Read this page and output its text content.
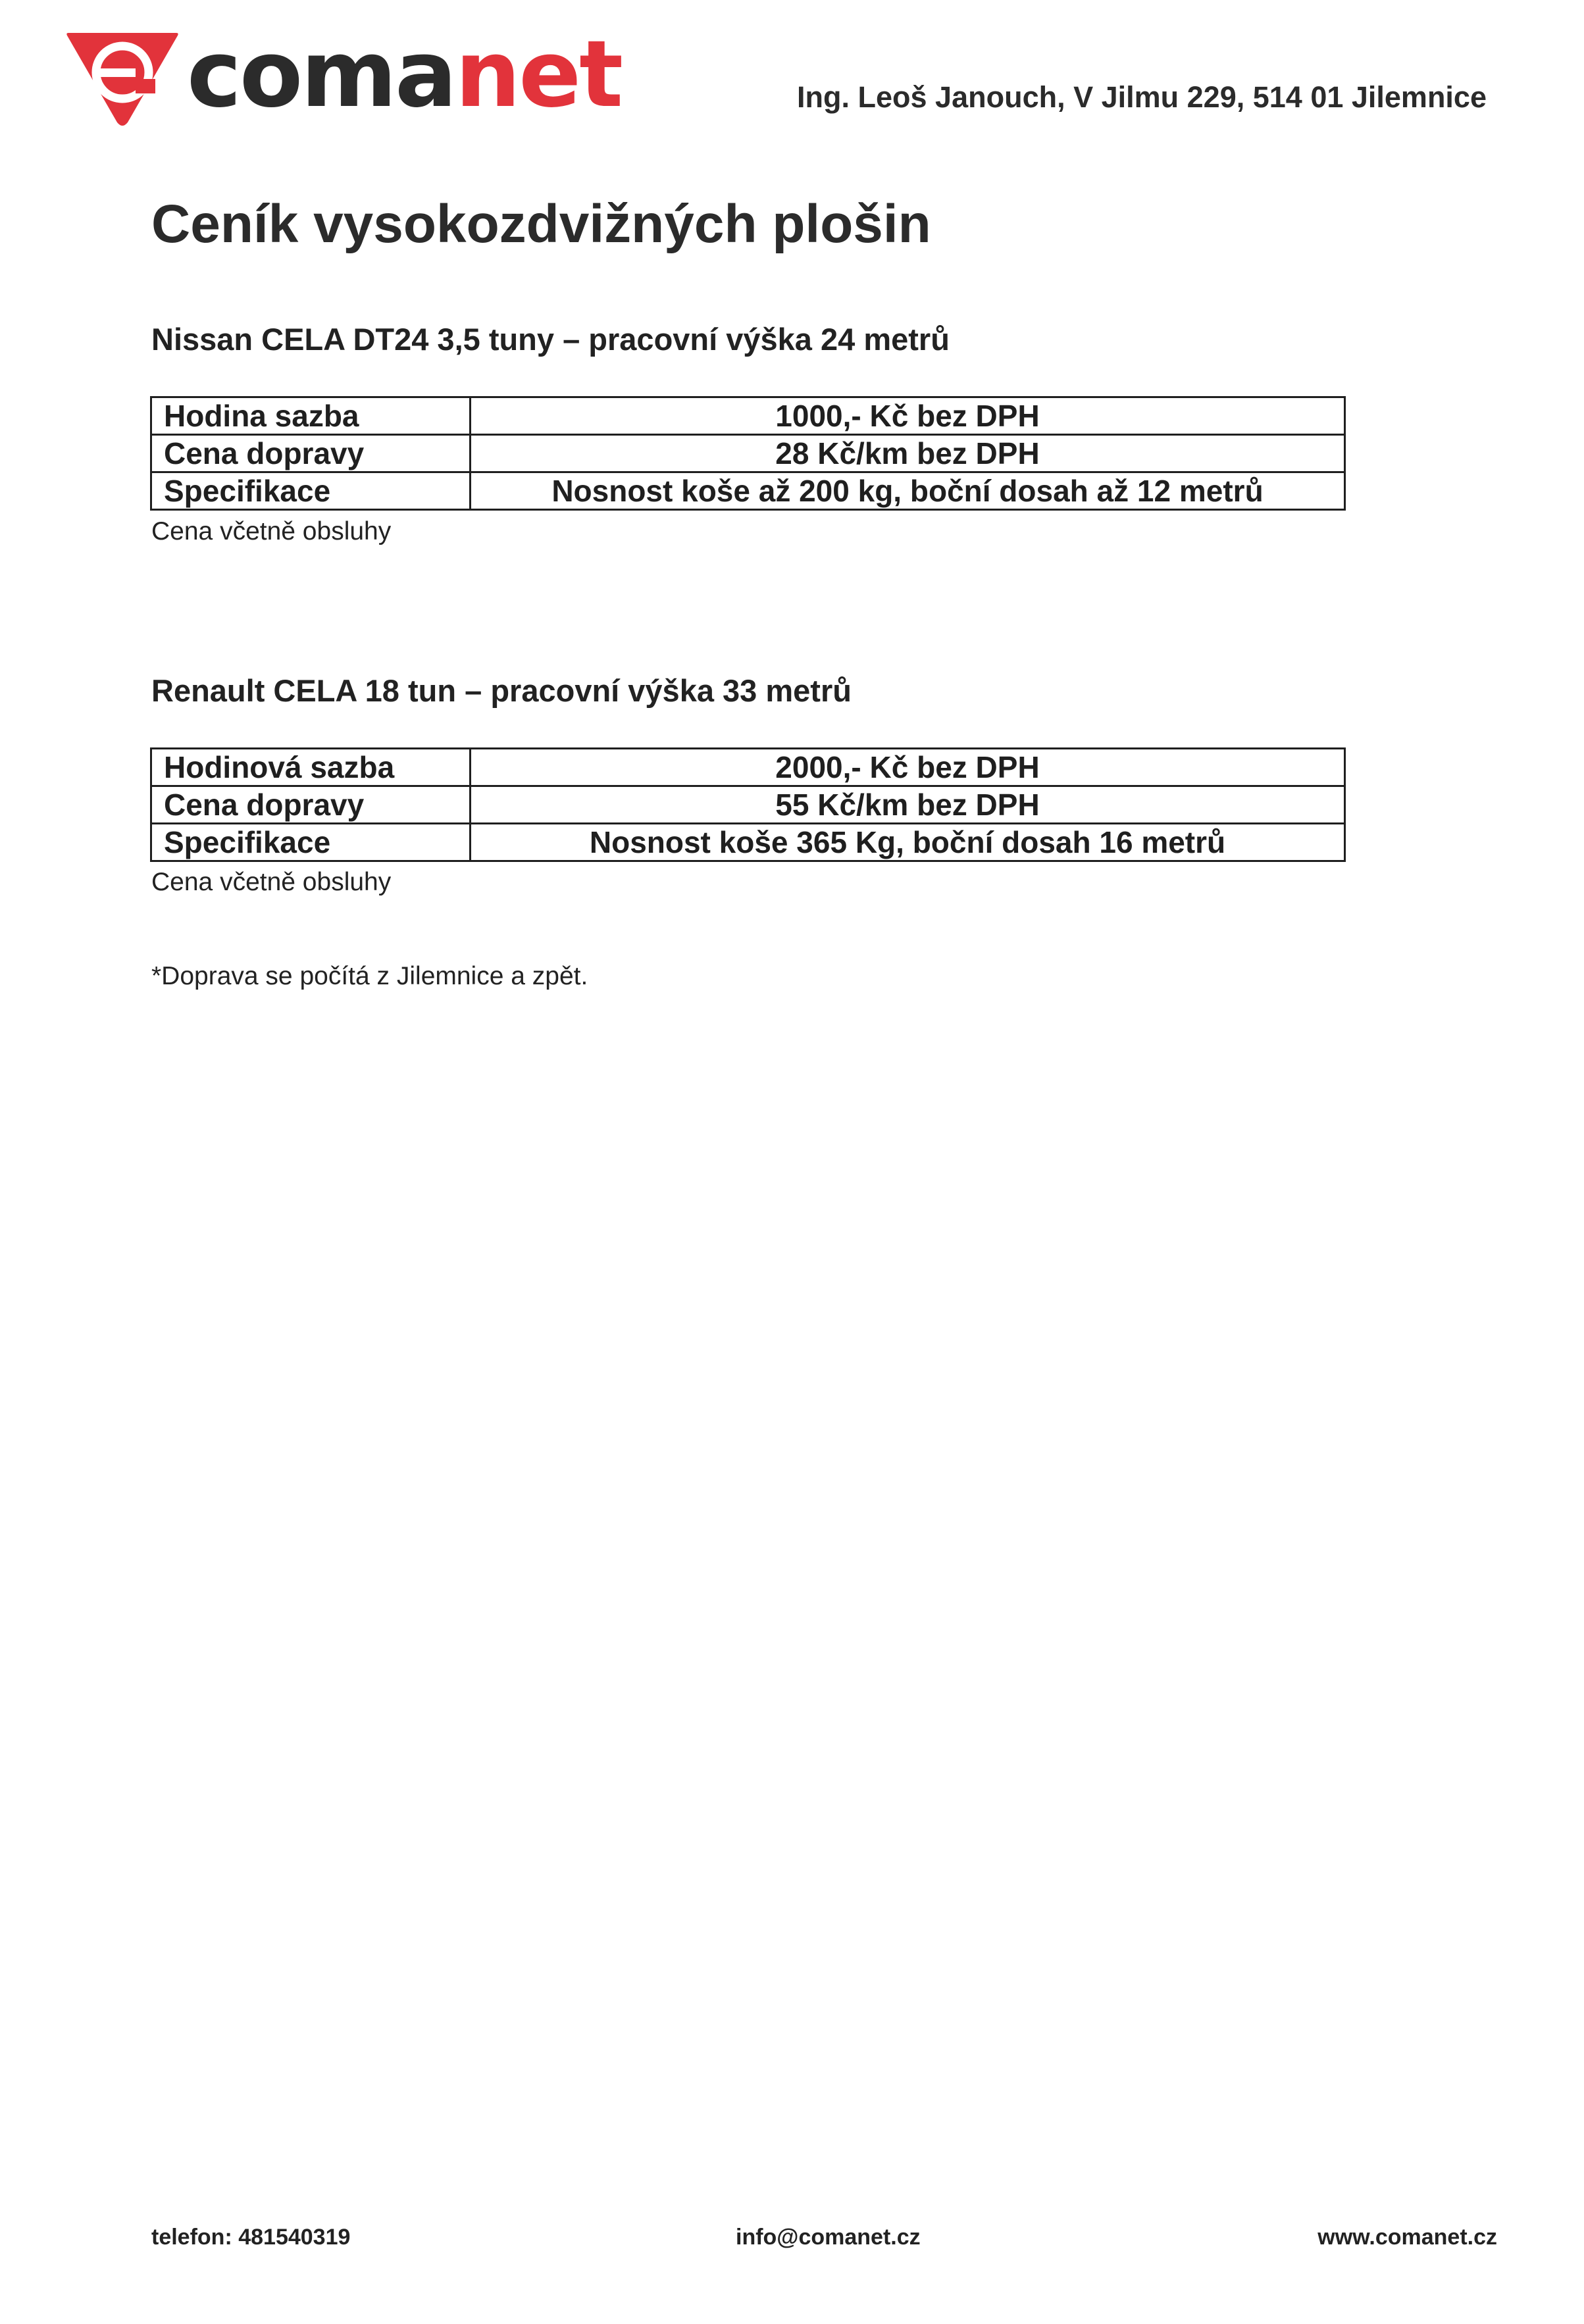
comanet	Ing. Leoš Janouch, V Jilmu 229, 514 01 Jilemnice
Ceník vysokozdvižných plošin
Nissan CELA DT24 3,5 tuny – pracovní výška 24 metrů
Hodina sazba	1000,- Kč bez DPH
Cena dopravy	28 Kč/km bez DPH
Specifikace	Nosnost koše až 200 kg, boční dosah až 12 metrů
Cena včetně obsluhy
Renault CELA 18 tun – pracovní výška 33 metrů
Hodinová sazba	2000,- Kč bez DPH
Cena dopravy	55 Kč/km bez DPH
Specifikace	Nosnost koše 365 Kg, boční dosah 16 metrů
Cena včetně obsluhy
*Doprava se počítá z Jilemnice a zpět.
telefon: 481540319	info@comanet.cz	www.comanet.cz
